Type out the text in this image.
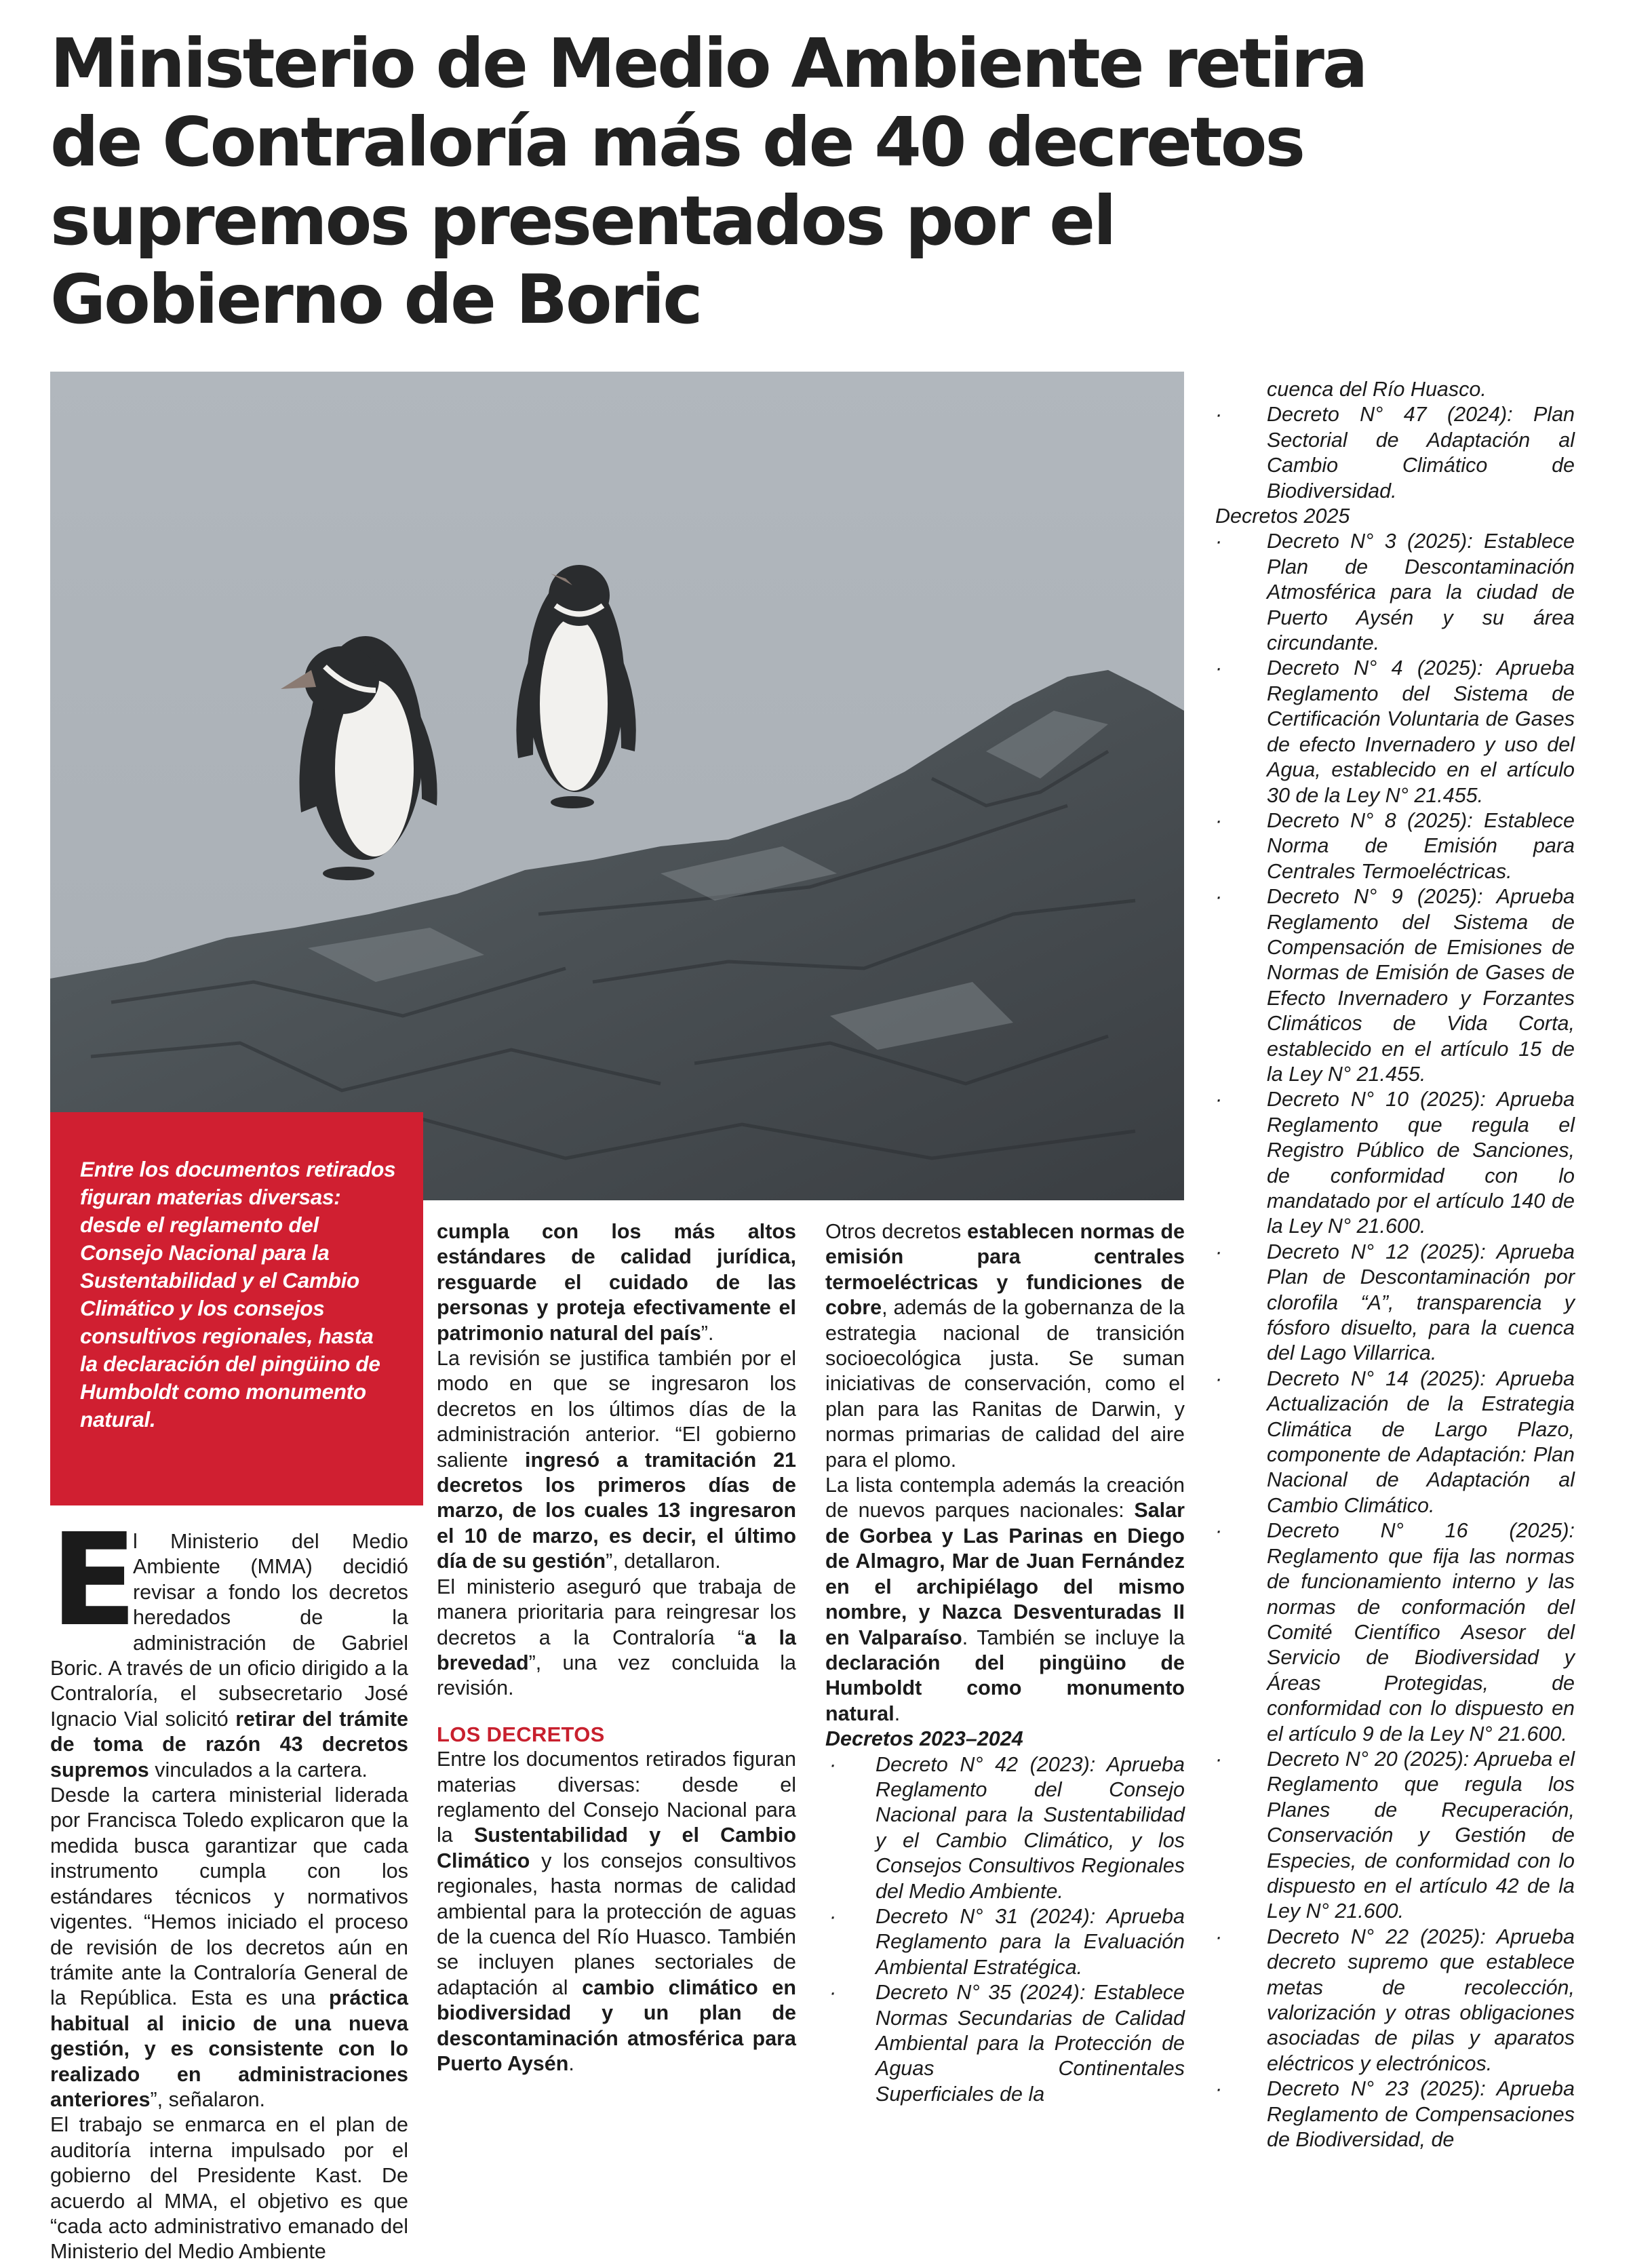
Ministerio de Medio Ambiente retira
de Contraloría más de 40 decretos
supremos presentados por el
Gobierno de Boric

Entre los documentos retirados figuran materias diversas: desde el reglamento del Consejo Nacional para la Sustentabilidad y el Cambio Climático y los consejos consultivos regionales, hasta la declaración del pingüino de Humboldt como monumento natural.

E
l Ministerio del Medio Ambiente (MMA) decidió revisar a fondo los decretos heredados de la administración de Gabriel Boric. A través de un oficio dirigido a la Contraloría, el subsecretario José Ignacio Vial solicitó retirar del trámite de toma de razón 43 decretos supremos vinculados a la cartera.

Desde la cartera ministerial liderada por Francisca Toledo explicaron que la medida busca garantizar que cada instrumento cumpla con los estándares técnicos y normativos vigentes. “Hemos iniciado el proceso de revisión de los decretos aún en trámite ante la Contraloría General de la República. Esta es una práctica habitual al inicio de una nueva gestión, y es consistente con lo realizado en administraciones anteriores”, señalaron.

El trabajo se enmarca en el plan de auditoría interna impulsado por el gobierno del Presidente Kast. De acuerdo al MMA, el objetivo es que “cada acto administrativo emanado del Ministerio del Medio Ambiente

cumpla con los más altos estándares de calidad jurídica, resguarde el cuidado de las personas y proteja efectivamente el patrimonio natural del país”.

La revisión se justifica también por el modo en que se ingresaron los decretos en los últimos días de la administración anterior. “El gobierno saliente ingresó a tramitación 21 decretos los primeros días de marzo, de los cuales 13 ingresaron el 10 de marzo, es decir, el último día de su gestión”, detallaron.

El ministerio aseguró que trabaja de manera prioritaria para reingresar los decretos a la Contraloría “a la brevedad”, una vez concluida la revisión.

LOS DECRETOS

Entre los documentos retirados figuran materias diversas: desde el reglamento del Consejo Nacional para la Sustentabilidad y el Cambio Climático y los consejos consultivos regionales, hasta normas de calidad ambiental para la protección de aguas de la cuenca del Río Huasco. También se incluyen planes sectoriales de adaptación al cambio climático en biodiversidad y un plan de descontaminación atmosférica para Puerto Aysén.

Otros decretos establecen normas de emisión para centrales termoeléctricas y fundiciones de cobre, además de la gobernanza de la estrategia nacional de transición socioecológica justa. Se suman iniciativas de conservación, como el plan para las Ranitas de Darwin, y normas primarias de calidad del aire para el plomo.

La lista contempla además la creación de nuevos parques nacionales: Salar de Gorbea y Las Parinas en Diego de Almagro, Mar de Juan Fernández en el archipiélago del mismo nombre, y Nazca Desventuradas II en Valparaíso. También se incluye la declaración del pingüino de Humboldt como monumento natural.

Decretos 2023–2024

·	Decreto N° 42 (2023): Aprueba Reglamento del Consejo Nacional para la Sustentabilidad y el Cambio Climático, y los Consejos Consultivos Regionales del Medio Ambiente.

·	Decreto N° 31 (2024): Aprueba Reglamento para la Evaluación Ambiental Estratégica.

·	Decreto N° 35 (2024): Establece Normas Secundarias de Calidad Ambiental para la Protección de Aguas Continentales Superficiales de la

cuenca del Río Huasco.

·	Decreto N° 47 (2024): Plan Sectorial de Adaptación al Cambio Climático de Biodiversidad.

Decretos 2025

·	Decreto N° 3 (2025): Establece Plan de Descontaminación Atmosférica para la ciudad de Puerto Aysén y su área circundante.

·	Decreto N° 4 (2025): Aprueba Reglamento del Sistema de Certificación Voluntaria de Gases de efecto Invernadero y uso del Agua, establecido en el artículo 30 de la Ley N° 21.455.

·	Decreto N° 8 (2025): Establece Norma de Emisión para Centrales Termoeléctricas.

·	Decreto N° 9 (2025): Aprueba Reglamento del Sistema de Compensación de Emisiones de Normas de Emisión de Gases de Efecto Invernadero y Forzantes Climáticos de Vida Corta, establecido en el artículo 15 de la Ley N° 21.455.

·	Decreto N° 10 (2025): Aprueba Reglamento que regula el Registro Público de Sanciones, de conformidad con lo mandatado por el artículo 140 de la Ley N° 21.600.

·	Decreto N° 12 (2025): Aprueba Plan de Descontaminación por clorofila “A”, transparencia y fósforo disuelto, para la cuenca del Lago Villarrica.

·	Decreto N° 14 (2025): Aprueba Actualización de la Estrategia Climática de Largo Plazo, componente de Adaptación: Plan Nacional de Adaptación al Cambio Climático.

·	Decreto N° 16 (2025): Reglamento que fija las normas de funcionamiento interno y las normas de conformación del Comité Científico Asesor del Servicio de Biodiversidad y Áreas Protegidas, de conformidad con lo dispuesto en el artículo 9 de la Ley N° 21.600.

·	Decreto N° 20 (2025): Aprueba el Reglamento que regula los Planes de Recuperación, Conservación y Gestión de Especies, de conformidad con lo dispuesto en el artículo 42 de la Ley N° 21.600.

·	Decreto N° 22 (2025): Aprueba decreto supremo que establece metas de recolección, valorización y otras obligaciones asociadas de pilas y aparatos eléctricos y electrónicos.

·	Decreto N° 23 (2025): Aprueba Reglamento de Compensaciones de Biodiversidad, de
